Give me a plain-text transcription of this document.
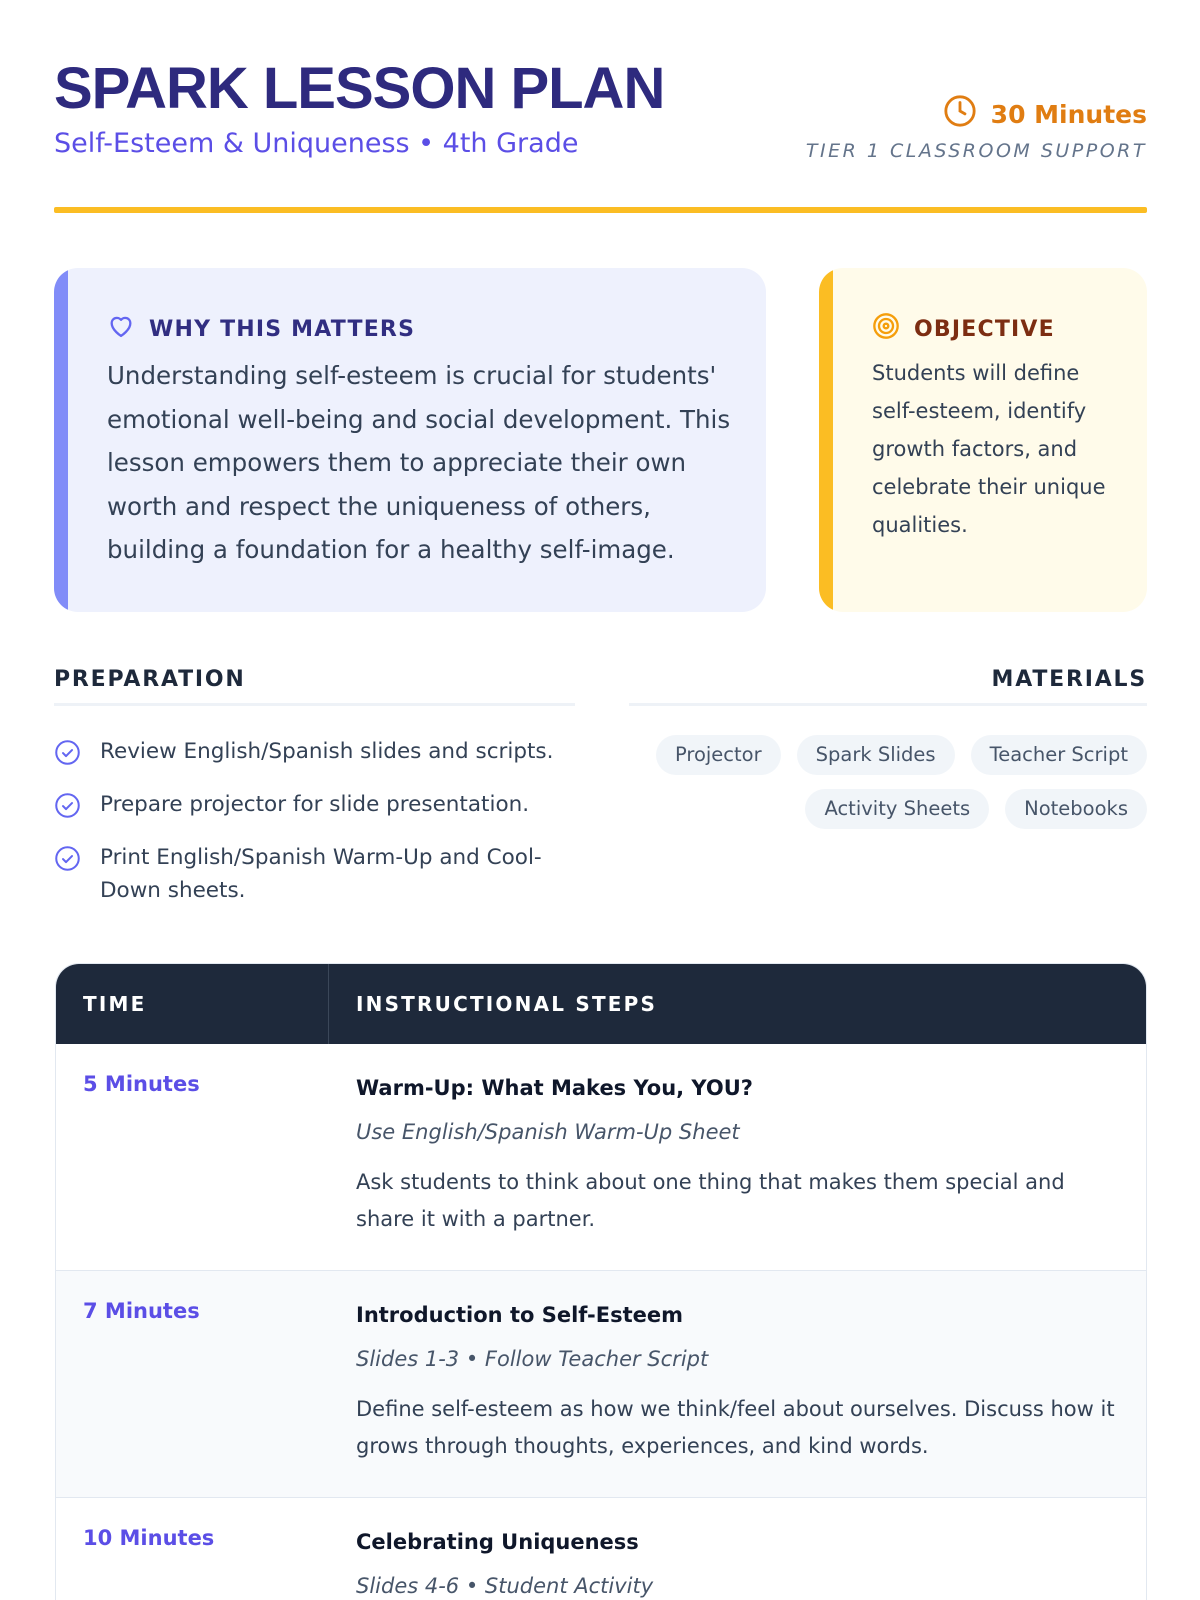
SPARK LESSON PLAN
Self-Esteem & Uniqueness • 4th Grade
30 Minutes
TIER 1 CLASSROOM SUPPORT
WHY THIS MATTERS

Understanding self-esteem is crucial for students' emotional well-being and social development. This lesson empowers them to appreciate their own worth and respect the uniqueness of others, building a foundation for a healthy self-image.

OBJECTIVE

Students will define self-esteem, identify growth factors, and celebrate their unique qualities.

PREPARATION	MATERIALS
Review English/Spanish slides and scripts.
Prepare projector for slide presentation.
Print English/Spanish Warm-Up and Cool-Down sheets.
Projector	Spark Slides	Teacher Script
Activity Sheets	Notebooks
TIME	INSTRUCTIONAL STEPS
5 Minutes	Warm-Up: What Makes You, YOU?
Use English/Spanish Warm-Up Sheet
Ask students to think about one thing that makes them special and share it with a partner.
7 Minutes	Introduction to Self-Esteem
Slides 1-3 • Follow Teacher Script
Define self-esteem as how we think/feel about ourselves. Discuss how it grows through thoughts, experiences, and kind words.
10 Minutes	Celebrating Uniqueness
Slides 4-6 • Student Activity
